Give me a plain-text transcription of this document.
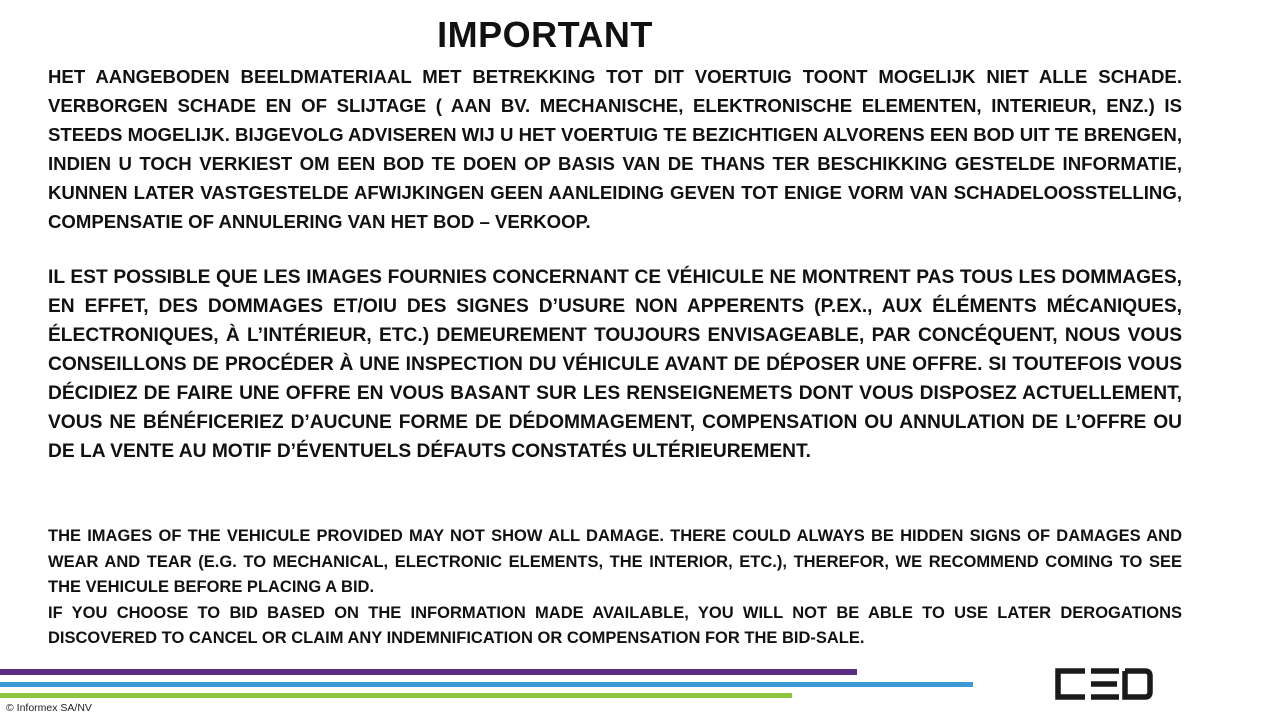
IMPORTANT
HET AANGEBODEN BEELDMATERIAAL MET BETREKKING TOT DIT VOERTUIG TOONT MOGELIJK NIET ALLE SCHADE. VERBORGEN SCHADE EN OF SLIJTAGE ( AAN BV. MECHANISCHE, ELEKTRONISCHE ELEMENTEN, INTERIEUR, ENZ.) IS STEEDS MOGELIJK. BIJGEVOLG ADVISEREN WIJ U HET VOERTUIG TE BEZICHTIGEN ALVORENS EEN BOD UIT TE BRENGEN, INDIEN U TOCH VERKIEST OM EEN BOD TE DOEN OP BASIS VAN DE THANS TER BESCHIKKING GESTELDE INFORMATIE, KUNNEN LATER VASTGESTELDE AFWIJKINGEN GEEN AANLEIDING GEVEN TOT ENIGE VORM VAN SCHADELOOSSTELLING, COMPENSATIE OF ANNULERING VAN HET BOD – VERKOOP.
IL EST POSSIBLE QUE LES IMAGES FOURNIES CONCERNANT CE VÉHICULE NE MONTRENT PAS TOUS LES DOMMAGES, EN EFFET, DES DOMMAGES ET/OIU DES SIGNES D’USURE NON APPERENTS (P.EX., AUX ÉLÉMENTS MÉCANIQUES, ÉLECTRONIQUES, À L’INTÉRIEUR, ETC.) DEMEUREMENT TOUJOURS ENVISAGEABLE, PAR CONCÉQUENT, NOUS VOUS CONSEILLONS DE PROCÉDER À UNE INSPECTION DU VÉHICULE AVANT DE DÉPOSER UNE OFFRE. SI TOUTEFOIS VOUS DÉCIDIEZ DE FAIRE UNE OFFRE EN VOUS BASANT SUR LES RENSEIGNEMETS DONT VOUS DISPOSEZ ACTUELLEMENT, VOUS NE BÉNÉFICERIEZ D’AUCUNE FORME DE DÉDOMMAGEMENT, COMPENSATION OU ANNULATION DE L’OFFRE OU DE LA VENTE AU MOTIF D’ÉVENTUELS DÉFAUTS CONSTATÉS ULTÉRIEUREMENT.

THE IMAGES OF THE VEHICULE PROVIDED MAY NOT SHOW ALL DAMAGE. THERE COULD ALWAYS BE HIDDEN SIGNS OF DAMAGES AND WEAR AND TEAR (E.G. TO MECHANICAL, ELECTRONIC ELEMENTS, THE INTERIOR, ETC.), THEREFOR, WE RECOMMEND COMING TO SEE THE VEHICULE BEFORE PLACING A BID.

IF YOU CHOOSE TO BID BASED ON THE INFORMATION MADE AVAILABLE, YOU WILL NOT BE ABLE TO USE LATER DEROGATIONS DISCOVERED TO CANCEL OR CLAIM ANY INDEMNIFICATION OR COMPENSATION FOR THE BID-SALE.

© Informex SA/NV
